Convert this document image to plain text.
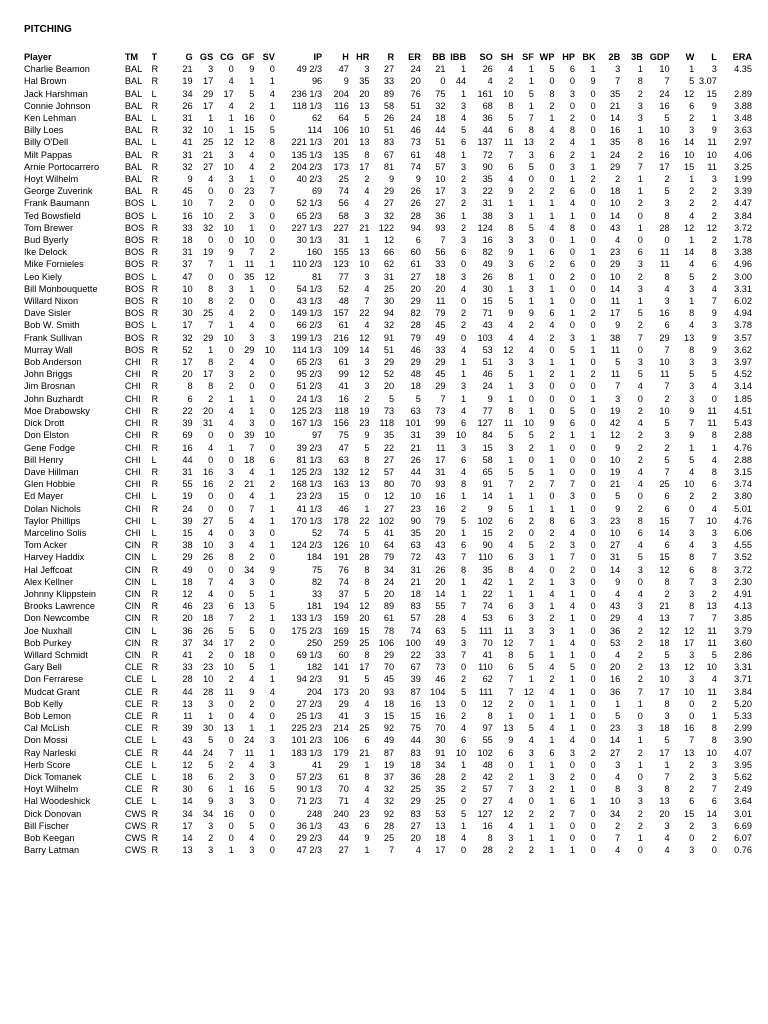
PITCHING
Player	TM	T	G	GS	CG	GF	SV	IP	H	HR	R	ER	BB	IBB	SO	SH	SF	WP	HP	BK	2B	3B	GDP	W	L	ERA
Charlie Beamon	BAL	R	21	3	0	9	0	49 2/3	47	3	27	24	21	1	26	4	1	5	6	1	3	1	10	1	3	4.35
Hal Brown	BAL	R	19	17	4	1	1	96	9	35	33	20	0	44	4	2	1	0	0	9	7	8	7	5	3.07	
Jack Harshman	BAL	L	34	29	17	5	4	236 1/3	204	20	89	76	75	1	161	10	5	8	3	0	35	2	24	12	15	2.89
Connie Johnson	BAL	R	26	17	4	2	1	118 1/3	116	13	58	51	32	3	68	8	1	2	0	0	21	3	16	6	9	3.88
Ken Lehman	BAL	L	31	1	1	16	0	62	64	5	26	24	18	4	36	5	7	1	2	0	14	3	5	2	1	3.48
Billy Loes	BAL	R	32	10	1	15	5	114	106	10	51	46	44	5	44	6	8	4	8	0	16	1	10	3	9	3.63
Billy O'Dell	BAL	L	41	25	12	12	8	221 1/3	201	13	83	73	51	6	137	11	13	2	4	1	35	8	16	14	11	2.97
Milt Pappas	BAL	R	31	21	3	4	0	135 1/3	135	8	67	61	48	1	72	7	3	6	2	1	24	2	16	10	10	4.06
Arnie Portocarrero	BAL	R	32	27	10	4	2	204 2/3	173	17	81	74	57	3	90	6	5	0	3	1	29	7	17	15	11	3.25
Hoyt Wilhelm	BAL	R	9	4	3	1	0	40 2/3	25	2	9	9	10	2	35	4	0	0	1	2	2	1	2	1	3	1.99
George Zuverink	BAL	R	45	0	0	23	7	69	74	4	29	26	17	3	22	9	2	2	6	0	18	1	5	2	2	3.39
Frank Baumann	BOS	L	10	7	2	0	0	52 1/3	56	4	27	26	27	2	31	1	1	1	4	0	10	2	3	2	2	4.47
Ted Bowsfield	BOS	L	16	10	2	3	0	65 2/3	58	3	32	28	36	1	38	3	1	1	1	0	14	0	8	4	2	3.84
Tom Brewer	BOS	R	33	32	10	1	0	227 1/3	227	21	122	94	93	2	124	8	5	4	8	0	43	1	28	12	12	3.72
Bud Byerly	BOS	R	18	0	0	10	0	30 1/3	31	1	12	6	7	3	16	3	3	0	1	0	4	0	0	1	2	1.78
Ike Delock	BOS	R	31	19	9	7	2	160	155	13	66	60	56	6	82	9	1	6	0	1	23	6	11	14	8	3.38
Mike Fornieles	BOS	R	37	7	1	11	1	110 2/3	123	10	62	61	33	0	49	3	6	2	6	0	29	3	11	4	6	4.96
Leo Kiely	BOS	L	47	0	0	35	12	81	77	3	31	27	18	3	26	8	1	0	2	0	10	2	8	5	2	3.00
Bill Monbouquette	BOS	R	10	8	3	1	0	54 1/3	52	4	25	20	20	4	30	1	3	1	0	0	14	3	4	3	4	3.31
Willard Nixon	BOS	R	10	8	2	0	0	43 1/3	48	7	30	29	11	0	15	5	1	1	0	0	11	1	3	1	7	6.02
Dave Sisler	BOS	R	30	25	4	2	0	149 1/3	157	22	94	82	79	2	71	9	9	6	1	2	17	5	16	8	9	4.94
Bob W. Smith	BOS	L	17	7	1	4	0	66 2/3	61	4	32	28	45	2	43	4	2	4	0	0	9	2	6	4	3	3.78
Frank Sullivan	BOS	R	32	29	10	3	3	199 1/3	216	12	91	79	49	0	103	4	4	2	3	1	38	7	29	13	9	3.57
Murray Wall	BOS	R	52	1	0	29	10	114 1/3	109	14	51	46	33	4	53	12	4	0	5	1	11	0	7	8	9	3.62
Bob Anderson	CHI	R	17	8	2	4	0	65 2/3	61	3	29	29	29	1	51	3	3	1	1	0	5	3	10	3	3	3.97
John Briggs	CHI	R	20	17	3	2	0	95 2/3	99	12	52	48	45	1	46	5	1	2	1	2	11	5	11	5	5	4.52
Jim Brosnan	CHI	R	8	8	2	0	0	51 2/3	41	3	20	18	29	3	24	1	3	0	0	0	7	4	7	3	4	3.14
John Buzhardt	CHI	R	6	2	1	1	0	24 1/3	16	2	5	5	7	1	9	1	0	0	0	1	3	0	2	3	0	1.85
Moe Drabowsky	CHI	R	22	20	4	1	0	125 2/3	118	19	73	63	73	4	77	8	1	0	5	0	19	2	10	9	11	4.51
Dick Drott	CHI	R	39	31	4	3	0	167 1/3	156	23	118	101	99	6	127	11	10	9	6	0	42	4	5	7	11	5.43
Don Elston	CHI	R	69	0	0	39	10	97	75	9	35	31	39	10	84	5	5	2	1	1	12	2	3	9	8	2.88
Gene Fodge	CHI	R	16	4	1	7	0	39 2/3	47	5	22	21	11	3	15	3	2	1	0	0	9	2	2	1	1	4.76
Bill Henry	CHI	L	44	0	0	18	6	81 1/3	63	8	27	26	17	6	58	1	0	1	0	0	10	2	5	5	4	2.88
Dave Hillman	CHI	R	31	16	3	4	1	125 2/3	132	12	57	44	31	4	65	5	5	1	0	0	19	4	7	4	8	3.15
Glen Hobbie	CHI	R	55	16	2	21	2	168 1/3	163	13	80	70	93	8	91	7	2	7	7	0	21	4	25	10	6	3.74
Ed Mayer	CHI	L	19	0	0	4	1	23 2/3	15	0	12	10	16	1	14	1	1	0	3	0	5	0	6	2	2	3.80
Dolan Nichols	CHI	R	24	0	0	7	1	41 1/3	46	1	27	23	16	2	9	5	1	1	1	0	9	2	6	0	4	5.01
Taylor Phillips	CHI	L	39	27	5	4	1	170 1/3	178	22	102	90	79	5	102	6	2	8	6	3	23	8	15	7	10	4.76
Marcelino Solis	CHI	L	15	4	0	3	0	52	74	5	41	35	20	1	15	2	0	2	4	0	10	6	14	3	3	6.06
Tom Acker	CIN	R	38	10	3	4	1	124 2/3	126	10	64	63	43	6	90	4	5	2	3	0	27	4	6	4	3	4.55
Harvey Haddix	CIN	L	29	26	8	2	0	184	191	28	79	72	43	7	110	6	3	1	7	0	31	5	15	8	7	3.52
Hal Jeffcoat	CIN	R	49	0	0	34	9	75	76	8	34	31	26	8	35	8	4	0	2	0	14	3	12	6	8	3.72
Alex Kellner	CIN	L	18	7	4	3	0	82	74	8	24	21	20	1	42	1	2	1	3	0	9	0	8	7	3	2.30
Johnny Klippstein	CIN	R	12	4	0	5	1	33	37	5	20	18	14	1	22	1	1	4	1	0	4	4	2	3	2	4.91
Brooks Lawrence	CIN	R	46	23	6	13	5	181	194	12	89	83	55	7	74	6	3	1	4	0	43	3	21	8	13	4.13
Don Newcombe	CIN	R	20	18	7	2	1	133 1/3	159	20	61	57	28	4	53	6	3	2	1	0	29	4	13	7	7	3.85
Joe Nuxhall	CIN	L	36	26	5	5	0	175 2/3	169	15	78	74	63	5	111	11	3	3	1	0	36	2	12	12	11	3.79
Bob Purkey	CIN	R	37	34	17	2	0	250	259	25	106	100	49	3	70	12	7	1	4	0	53	2	18	17	11	3.60
Willard Schmidt	CIN	R	41	2	0	18	0	69 1/3	60	8	29	22	33	7	41	8	5	1	1	0	4	2	5	3	5	2.86
Gary Bell	CLE	R	33	23	10	5	1	182	141	17	70	67	73	0	110	6	5	4	5	0	20	2	13	12	10	3.31
Don Ferrarese	CLE	L	28	10	2	4	1	94 2/3	91	5	45	39	46	2	62	7	1	2	1	0	16	2	10	3	4	3.71
Mudcat Grant	CLE	R	44	28	11	9	4	204	173	20	93	87	104	5	111	7	12	4	1	0	36	7	17	10	11	3.84
Bob Kelly	CLE	R	13	3	0	2	0	27 2/3	29	4	18	16	13	0	12	2	0	1	1	0	1	1	8	0	2	5.20
Bob Lemon	CLE	R	11	1	0	4	0	25 1/3	41	3	15	15	16	2	8	1	0	1	1	0	5	0	3	0	1	5.33
Cal McLish	CLE	R	39	30	13	1	1	225 2/3	214	25	92	75	70	4	97	13	5	4	1	0	23	3	18	16	8	2.99
Don Mossi	CLE	L	43	5	0	24	3	101 2/3	106	6	49	44	30	6	55	9	4	1	4	0	14	1	5	7	8	3.90
Ray Narleski	CLE	R	44	24	7	11	1	183 1/3	179	21	87	83	91	10	102	6	3	6	3	2	27	2	17	13	10	4.07
Herb Score	CLE	L	12	5	2	4	3	41	29	1	19	18	34	1	48	0	1	1	0	0	3	1	1	2	3	3.95
Dick Tomanek	CLE	L	18	6	2	3	0	57 2/3	61	8	37	36	28	2	42	2	1	3	2	0	4	0	7	2	3	5.62
Hoyt Wilhelm	CLE	R	30	6	1	16	5	90 1/3	70	4	32	25	35	2	57	7	3	2	1	0	8	3	8	2	7	2.49
Hal Woodeshick	CLE	L	14	9	3	3	0	71 2/3	71	4	32	29	25	0	27	4	0	1	6	1	10	3	13	6	6	3.64
Dick Donovan	CWS	R	34	34	16	0	0	248	240	23	92	83	53	5	127	12	2	2	7	0	34	2	20	15	14	3.01
Bill Fischer	CWS	R	17	3	0	5	0	36 1/3	43	6	28	27	13	1	16	4	1	1	0	0	2	2	3	2	3	6.69
Bob Keegan	CWS	R	14	2	0	4	0	29 2/3	44	9	25	20	18	4	8	3	1	1	0	0	7	1	4	0	2	6.07
Barry Latman	CWS	R	13	3	1	3	0	47 2/3	27	1	7	4	17	0	28	2	2	1	1	0	4	0	4	3	0	0.76
